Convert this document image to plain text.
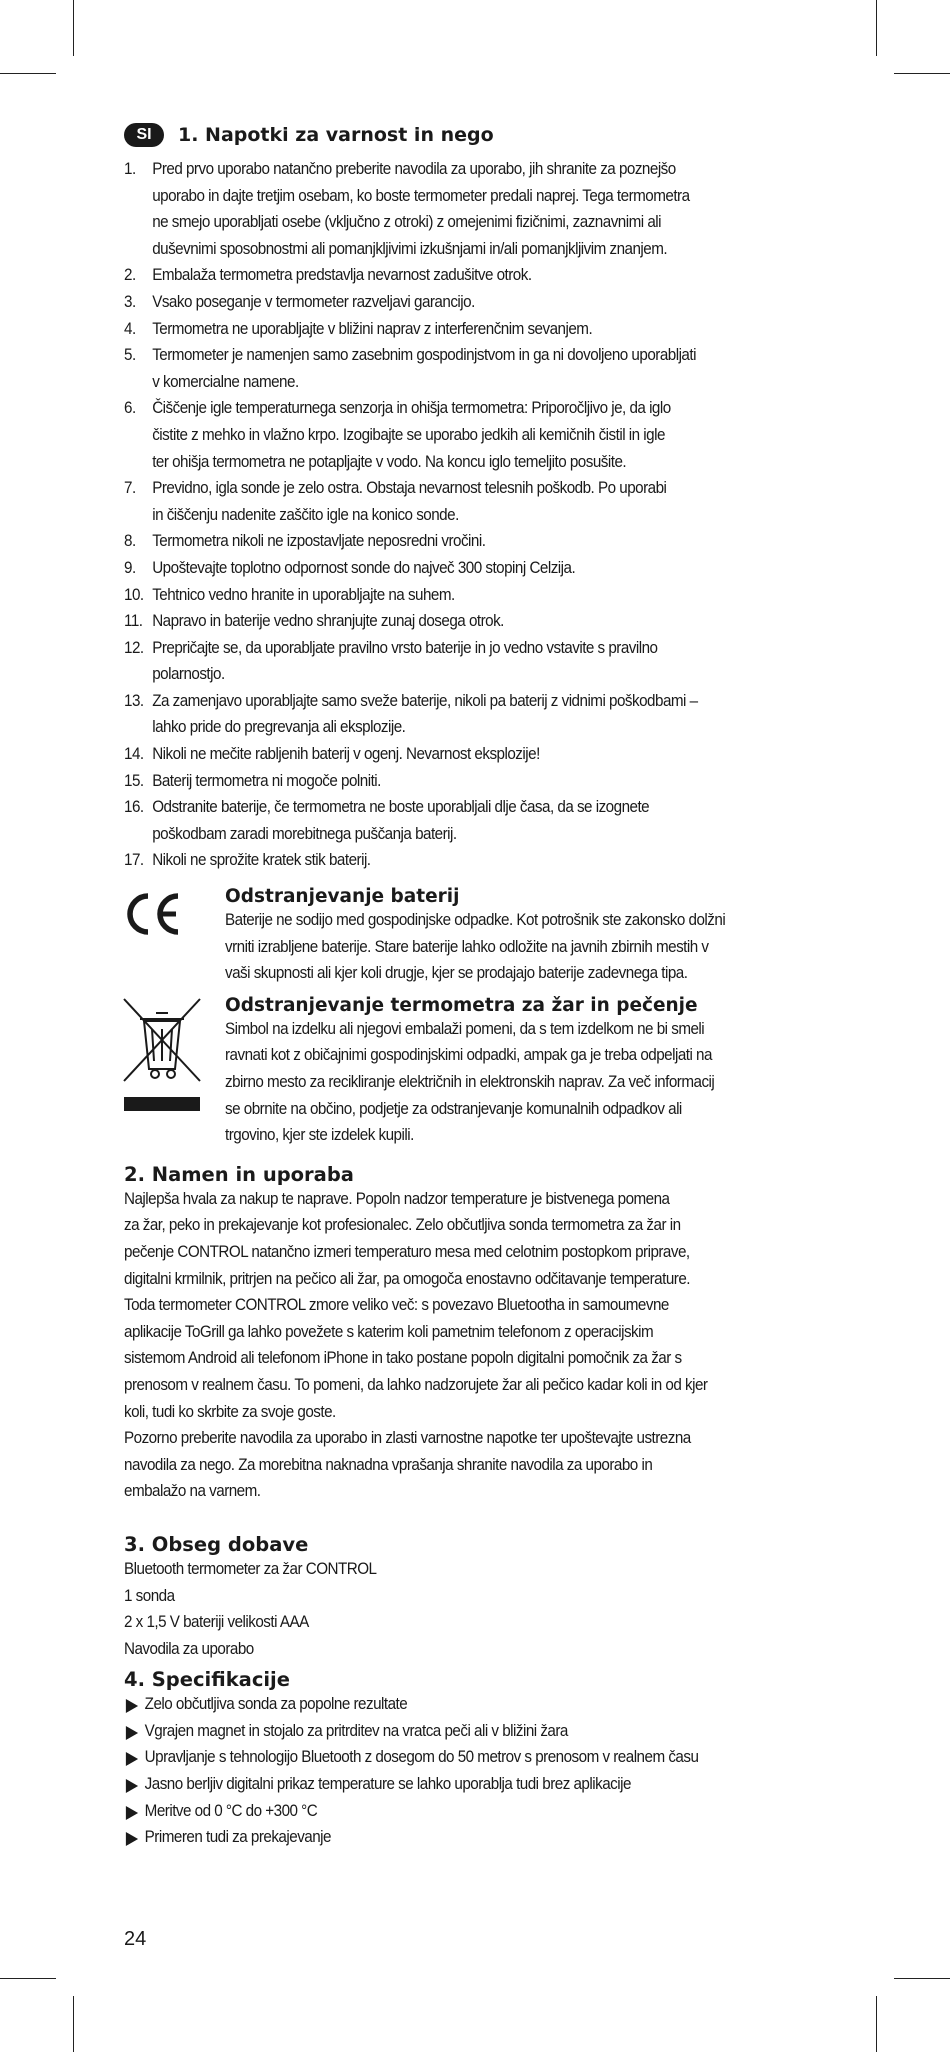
SI	1. Napotki za varnost in nego
1.	Pred prvo uporabo natančno preberite navodila za uporabo, jih shranite za poznejšo
uporabo in dajte tretjim osebam, ko boste termometer predali naprej. Tega termometra
ne smejo uporabljati osebe (vključno z otroki) z omejenimi fizičnimi, zaznavnimi ali
duševnimi sposobnostmi ali pomanjkljivimi izkušnjami in/ali pomanjkljivim znanjem.
2.	Embalaža termometra predstavlja nevarnost zadušitve otrok.
3.	Vsako poseganje v termometer razveljavi garancijo.
4.	Termometra ne uporabljajte v bližini naprav z interferenčnim sevanjem.
5.	Termometer je namenjen samo zasebnim gospodinjstvom in ga ni dovoljeno uporabljati
v komercialne namene.
6.	Čiščenje igle temperaturnega senzorja in ohišja termometra: Priporočljivo je, da iglo
čistite z mehko in vlažno krpo. Izogibajte se uporabo jedkih ali kemičnih čistil in igle
ter ohišja termometra ne potapljajte v vodo. Na koncu iglo temeljito posušite.
7.	Previdno, igla sonde je zelo ostra. Obstaja nevarnost telesnih poškodb. Po uporabi
in čiščenju nadenite zaščito igle na konico sonde.
8.	Termometra nikoli ne izpostavljate neposredni vročini.
9.	Upoštevajte toplotno odpornost sonde do največ 300 stopinj Celzija.
10. Tehtnico vedno hranite in uporabljajte na suhem.
11. Napravo in baterije vedno shranjujte zunaj dosega otrok.
12. Prepričajte se, da uporabljate pravilno vrsto baterije in jo vedno vstavite s pravilno
polarnostjo.
13. Za zamenjavo uporabljajte samo sveže baterije, nikoli pa baterij z vidnimi poškodbami –
lahko pride do pregrevanja ali eksplozije.
14. Nikoli ne mečite rabljenih baterij v ogenj. Nevarnost eksplozije!
15. Baterij termometra ni mogoče polniti.
16. Odstranite baterije, če termometra ne boste uporabljali dlje časa, da se izognete
poškodbam zaradi morebitnega puščanja baterij.
17. Nikoli ne sprožite kratek stik baterij.
Odstranjevanje baterij
Baterije ne sodijo med gospodinjske odpadke. Kot potrošnik ste zakonsko dolžni
vrniti izrabljene baterije. Stare baterije lahko odložite na javnih zbirnih mestih v
vaši skupnosti ali kjer koli drugje, kjer se prodajajo baterije zadevnega tipa.
Odstranjevanje termometra za žar in pečenje
Simbol na izdelku ali njegovi embalaži pomeni, da s tem izdelkom ne bi smeli
ravnati kot z običajnimi gospodinjskimi odpadki, ampak ga je treba odpeljati na
zbirno mesto za recikliranje električnih in elektronskih naprav. Za več informacij
se obrnite na občino, podjetje za odstranjevanje komunalnih odpadkov ali
trgovino, kjer ste izdelek kupili.
2. Namen in uporaba
Najlepša hvala za nakup te naprave. Popoln nadzor temperature je bistvenega pomena
za žar, peko in prekajevanje kot profesionalec. Zelo občutljiva sonda termometra za žar in
pečenje CONTROL natančno izmeri temperaturo mesa med celotnim postopkom priprave,
digitalni krmilnik, pritrjen na pečico ali žar, pa omogoča enostavno odčitavanje temperature.
Toda termometer CONTROL zmore veliko več: s povezavo Bluetootha in samoumevne
aplikacije ToGrill ga lahko povežete s katerim koli pametnim telefonom z operacijskim
sistemom Android ali telefonom iPhone in tako postane popoln digitalni pomočnik za žar s
prenosom v realnem času. To pomeni, da lahko nadzorujete žar ali pečico kadar koli in od kjer
koli, tudi ko skrbite za svoje goste.
Pozorno preberite navodila za uporabo in zlasti varnostne napotke ter upoštevajte ustrezna
navodila za nego. Za morebitna naknadna vprašanja shranite navodila za uporabo in
embalažo na varnem.
3. Obseg dobave
Bluetooth termometer za žar CONTROL
1 sonda
2 x 1,5 V bateriji velikosti AAA
Navodila za uporabo
4. Specifikacije
Zelo občutljiva sonda za popolne rezultate
Vgrajen magnet in stojalo za pritrditev na vratca peči ali v bližini žara
Upravljanje s tehnologijo Bluetooth z dosegom do 50 metrov s prenosom v realnem času
Jasno berljiv digitalni prikaz temperature se lahko uporablja tudi brez aplikacije
Meritve od 0 °C do +300 °C
Primeren tudi za prekajevanje
24
